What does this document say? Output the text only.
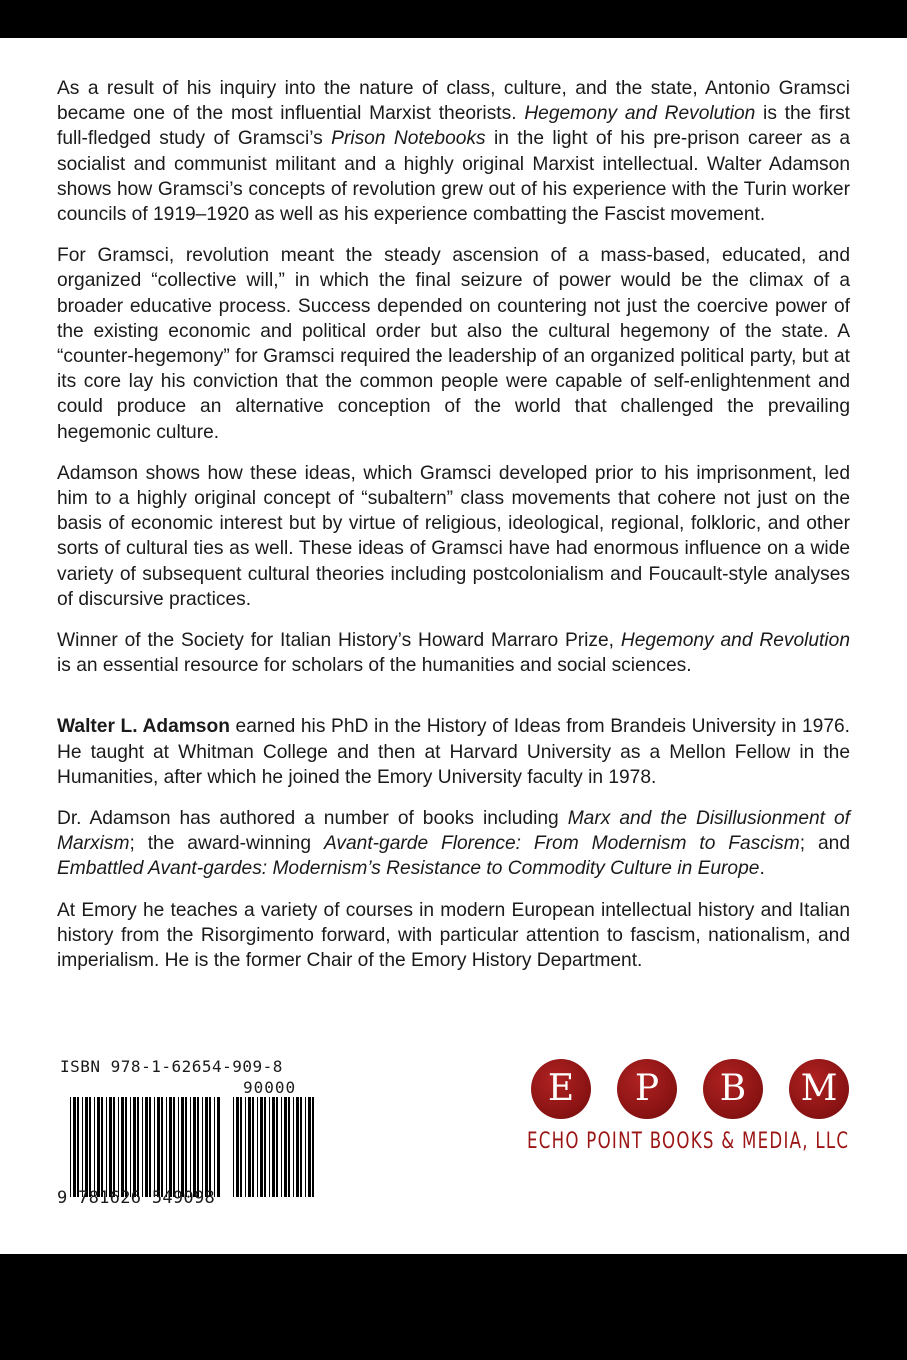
As a result of his inquiry into the nature of class, culture, and the state, Antonio Gramsci became one of the most influential Marxist theorists. Hegemony and Revolution is the first full-fledged study of Gramsci’s Prison Notebooks in the light of his pre-prison career as a socialist and communist militant and a highly original Marxist intellectual. Walter Adamson shows how Gramsci’s concepts of revolution grew out of his experience with the Turin worker councils of 1919–1920 as well as his experience combatting the Fascist movement.

For Gramsci, revolution meant the steady ascension of a mass-based, educated, and organized “collective will,” in which the final seizure of power would be the climax of a broader educative process. Success depended on countering not just the coercive power of the existing economic and political order but also the cultural hegemony of the state. A “counter-hegemony” for Gramsci required the leadership of an organized political party, but at its core lay his conviction that the common people were capable of self-enlightenment and could produce an alternative conception of the world that challenged the prevailing hegemonic culture.

Adamson shows how these ideas, which Gramsci developed prior to his imprisonment, led him to a highly original concept of “subaltern” class movements that cohere not just on the basis of economic interest but by virtue of religious, ideological, regional, folkloric, and other sorts of cultural ties as well. These ideas of Gramsci have had enormous influence on a wide variety of subsequent cultural theories including postcolonialism and Foucault-style analyses of discursive practices.

Winner of the Society for Italian History’s Howard Marraro Prize, Hegemony and Revolution is an essential resource for scholars of the humanities and social sciences.

Walter L. Adamson earned his PhD in the History of Ideas from Brandeis University in 1976. He taught at Whitman College and then at Harvard University as a Mellon Fellow in the Humanities, after which he joined the Emory University faculty in 1978.

Dr. Adamson has authored a number of books including Marx and the Disillusionment of Marxism; the award-winning Avant-garde Florence: From Modernism to Fascism; and Embattled Avant-gardes: Modernism’s Resistance to Commodity Culture in Europe.

At Emory he teaches a variety of courses in modern European intellectual history and Italian history from the Risorgimento forward, with particular attention to fascism, nationalism, and imperialism. He is the former Chair of the Emory History Department.

ISBN 978-1-62654-909-8
90000
9 781626 549098
E	P	B	M
ECHO POINT BOOKS & MEDIA, LLC
